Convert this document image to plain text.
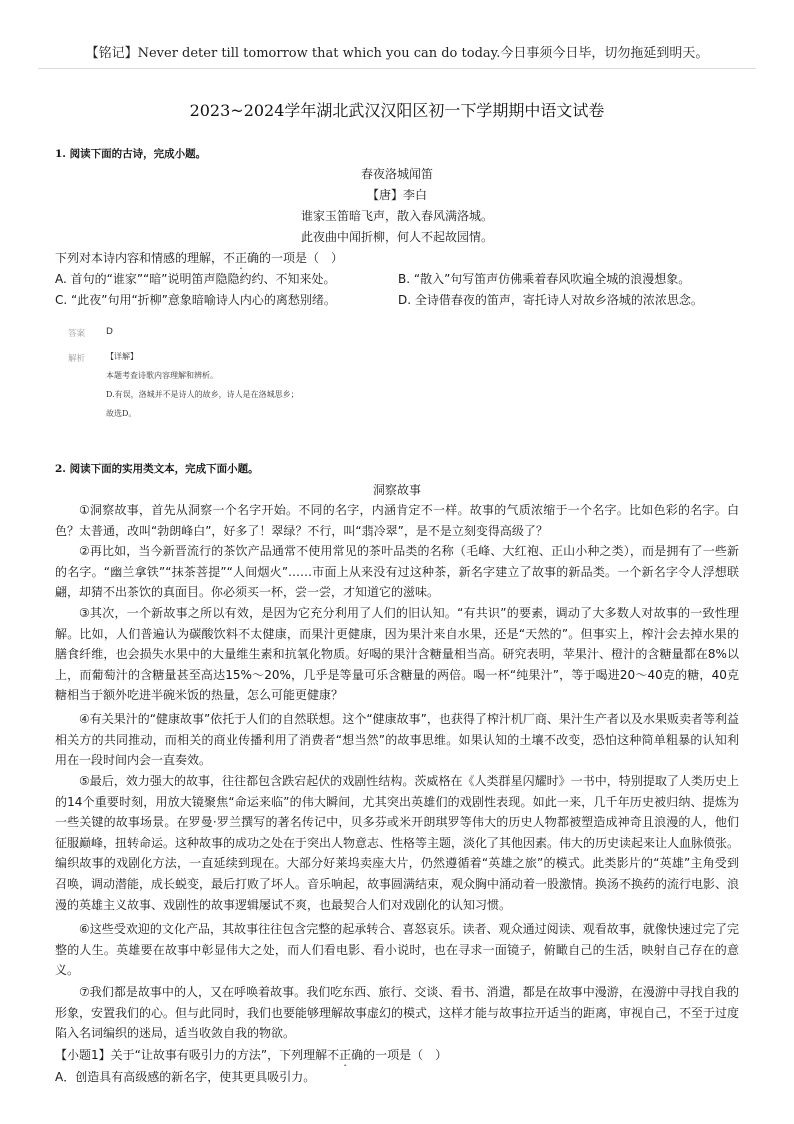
【铭记】Never deter till tomorrow that which you can do today.今日事须今日毕，切勿拖延到明天。
2023~2024学年湖北武汉汉阳区初一下学期期中语文试卷
1. 阅读下面的古诗，完成小题。
春夜洛城闻笛
【唐】李白
谁家玉笛暗飞声，散入春风满洛城。
此夜曲中闻折柳，何人不起故园情。
下列对本诗内容和情感的理解，不正确的一项是（　）
A. 首句的“谁家”“暗”说明笛声隐隐约约、不知来处。	B. “散入”句写笛声仿佛乘着春风吹遍全城的浪漫想象。
C. “此夜”句用“折柳”意象暗喻诗人内心的离愁别绪。	D. 全诗借春夜的笛声，寄托诗人对故乡洛城的浓浓思念。
答案 D
解析	【详解】
本题考查诗歌内容理解和辨析。
D.有误，洛城并不是诗人的故乡，诗人是在洛城思乡；
故选D。
2. 阅读下面的实用类文本，完成下面小题。
洞察故事

①洞察故事，首先从洞察一个名字开始。不同的名字，内涵肯定不一样。故事的气质浓缩于一个名字。比如色彩的名字。白色？太普通，改叫“勃朗峰白”，好多了！翠绿？不行，叫“翡冷翠”，是不是立刻变得高级了？

②再比如，当今新晋流行的茶饮产品通常不使用常见的茶叶品类的名称（毛峰、大红袍、正山小种之类），而是拥有了一些新的名字。“幽兰拿铁”“抹茶菩提”“人间烟火”……市面上从来没有过这种茶，新名字建立了故事的新品类。一个新名字令人浮想联翩，却猜不出茶饮的真面目。你必须买一杯，尝一尝，才知道它的滋味。

③其次，一个新故事之所以有效，是因为它充分利用了人们的旧认知。“有共识”的要素，调动了大多数人对故事的一致性理解。比如，人们普遍认为碳酸饮料不太健康，而果汁更健康，因为果汁来自水果，还是“天然的”。但事实上，榨汁会去掉水果的膳食纤维，也会损失水果中的大量维生素和抗氧化物质。好喝的果汁含糖量相当高。研究表明，苹果汁、橙汁的含糖量都在8%以上，而葡萄汁的含糖量甚至高达15%～20%，几乎是等量可乐含糖量的两倍。喝一杯“纯果汁”，等于喝进20～40克的糖，40克糖相当于额外吃进半碗米饭的热量，怎么可能更健康？

④有关果汁的“健康故事”依托于人们的自然联想。这个“健康故事”，也获得了榨汁机厂商、果汁生产者以及水果贩卖者等利益相关方的共同推动，而相关的商业传播利用了消费者“想当然”的故事思维。如果认知的土壤不改变，恐怕这种简单粗暴的认知利用在一段时间内会一直奏效。

⑤最后，效力强大的故事，往往都包含跌宕起伏的戏剧性结构。茨威格在《人类群星闪耀时》一书中，特别提取了人类历史上的14个重要时刻，用放大镜聚焦“命运来临”的伟大瞬间，尤其突出英雄们的戏剧性表现。如此一来，几千年历史被归纳、提炼为一些关键的故事场景。在罗曼·罗兰撰写的著名传记中，贝多芬或米开朗琪罗等伟大的历史人物都被塑造成神奇且浪漫的人，他们征服巅峰，扭转命运。这种故事的成功之处在于突出人物意志、性格等主题，淡化了其他因素。伟大的历史读起来让人血脉偾张。编织故事的戏剧化方法，一直延续到现在。大部分好莱坞卖座大片，仍然遵循着“英雄之旅”的模式。此类影片的“英雄”主角受到召唤，调动潜能，成长蜕变，最后打败了坏人。音乐响起，故事圆满结束，观众胸中涌动着一股激情。换汤不换药的流行电影、浪漫的英雄主义故事、戏剧性的故事逻辑屡试不爽，也最契合人们对戏剧化的认知习惯。

⑥这些受欢迎的文化产品，其故事往往包含完整的起承转合、喜怒哀乐。读者、观众通过阅读、观看故事，就像快速过完了完整的人生。英雄要在故事中彰显伟大之处，而人们看电影、看小说时，也在寻求一面镜子，俯瞰自己的生活，映射自己存在的意义。

⑦我们都是故事中的人，又在呼唤着故事。我们吃东西、旅行、交谈、看书、消遣，都是在故事中漫游，在漫游中寻找自我的形象，安置我们的心。但与此同时，我们也要能够理解故事虚幻的模式，这样才能与故事拉开适当的距离，审视自己，不至于过度陷入名词编织的迷局，适当收敛自我的物欲。

【小题1】关于“让故事有吸引力的方法”，下列理解不正确的一项是（　）
A．创造具有高级感的新名字，使其更具吸引力。
